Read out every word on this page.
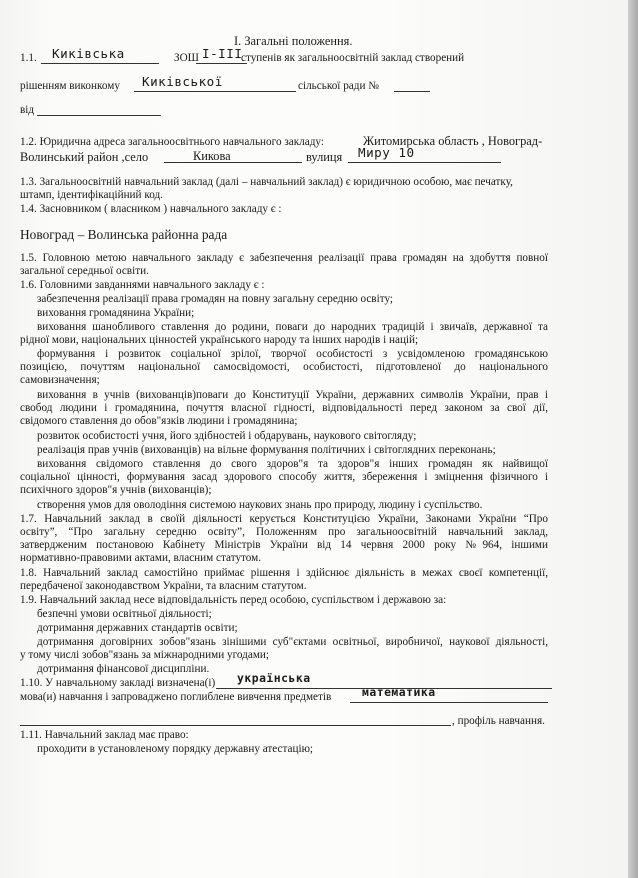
І. Загальні положення.
1.1. Кикiвська	ЗОШ І-ІІІ
ступенів як загальноосвітній заклад створений
рішенням виконкому Кикiвської	сільської ради №
від
1.2. Юридична адреса загальноосвітнього навчального закладу:	Житомирська область , Новоград-
Волинський район ,село	Кикова	вулиця Миру 10
1.3. Загальноосвітній навчальний заклад (далі – навчальний заклад) є юридичною особою, має печатку,
штамп, ідентифікаційний код.
1.4. Засновником ( власником ) навчального закладу є :
Новоград – Волинська районна рада
1.5. Головною метою навчального закладу є забезпечення реалізації права громадян на здобуття повної
загальної середньої освіти.
1.6. Головними завданнями навчального закладу є :
забезпечення реалізації права громадян на повну загальну середню освіту;
виховання громадянина України;
виховання шанобливого ставлення до родини, поваги до народних традицій і звичаїв, державної та
рідної мови, національних цінностей українського народу та інших народів і націй;
формування і розвиток соціальної зрілої, творчої особистості з усвідомленою громадянською
позицією, почуттям національної самосвідомості, особистості, підготовленої до національного
самовизначення;
виховання в учнів (вихованців)поваги до Конституції України, державних символів України, прав і
свобод людини і громадянина, почуття власної гідності, відповідальності перед законом за свої дії,
свідомого ставлення до обов"язків людини і громадянина;
розвиток особистості учня, його здібностей і обдарувань, наукового світогляду;
реалізація прав учнів (вихованців) на вільне формування політичних і світоглядних переконань;
виховання свідомого ставлення до свого здоров"я та здоров"я інших громадян як найвищої
соціальної цінності, формування засад здорового способу життя, збереження і зміцнення фізичного і
психічного здоров"я учнів (вихованців);
створення умов для оволодіння системою наукових знань про природу, людину і суспільство.
1.7. Навчальний заклад в своїй діяльності керується Конституцією України, Законами України “Про
освіту”, “Про загальну середню освіту”, Положенням про загальноосвітній навчальний заклад,
затвердженим постановою Кабінету Міністрів України від 14 червня 2000 року №964, іншими
нормативно-правовими актами, власним статутом.
1.8. Навчальний заклад самостійно приймає рішення і здійснює діяльність в межах своєї компетенції,
передбаченої законодавством України, та власним статутом.
1.9. Навчальний заклад несе відповідальність перед особою, суспільством і державою за:
безпечні умови освітньої діяльності;
дотримання державних стандартів освіти;
дотримання договірних зобов"язань зінішими суб"єктами освітньої, виробничої, наукової діяльності,
у тому числі зобов"язань за міжнародними угодами;
дотримання фінансової дисципліни.
1.10. У навчальному закладі визначена(і) українська
мова(и) навчання і запроваджено поглиблене вивчення предметів	математика
, профіль навчання.
1.11. Навчальний заклад має право:
проходити в установленому порядку державну атестацію;
